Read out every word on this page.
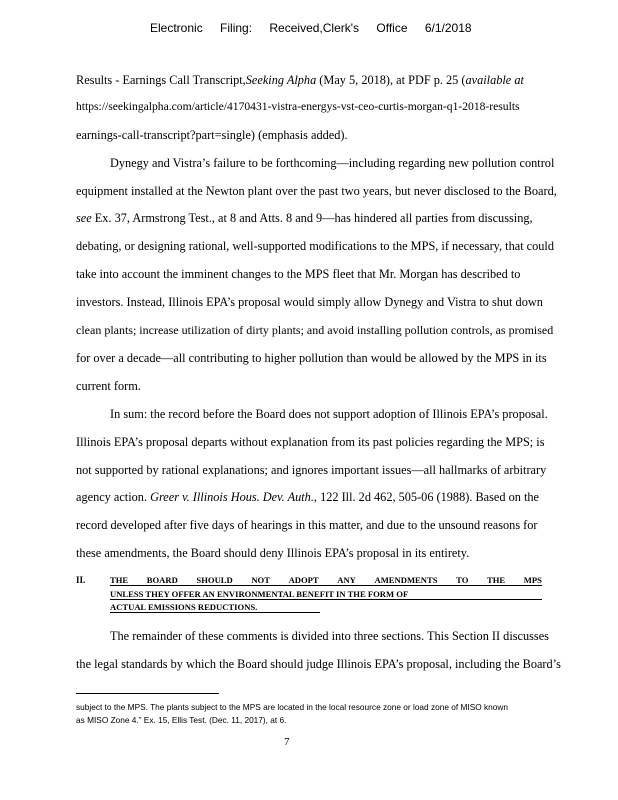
Electronic Filing: Received,Clerk's Office 6/1/2018
Results - Earnings Call Transcript,Seeking Alpha (May 5, 2018), at PDF p. 25 (available at
https://seekingalpha.com/article/4170431-vistra-energys-vst-ceo-curtis-morgan-q1-2018-results
earnings-call-transcript?part=single) (emphasis added).
Dynegy and Vistra’s failure to be forthcoming—including regarding new pollution control
equipment installed at the Newton plant over the past two years, but never disclosed to the Board,
see Ex. 37, Armstrong Test., at 8 and Atts. 8 and 9—has hindered all parties from discussing,
debating, or designing rational, well-supported modifications to the MPS, if necessary, that could
take into account the imminent changes to the MPS fleet that Mr. Morgan has described to
investors. Instead, Illinois EPA’s proposal would simply allow Dynegy and Vistra to shut down
clean plants; increase utilization of dirty plants; and avoid installing pollution controls, as promised
for over a decade—all contributing to higher pollution than would be allowed by the MPS in its
current form.
In sum: the record before the Board does not support adoption of Illinois EPA’s proposal.
Illinois EPA’s proposal departs without explanation from its past policies regarding the MPS; is
not supported by rational explanations; and ignores important issues—all hallmarks of arbitrary
agency action. Greer v. Illinois Hous. Dev. Auth., 122 Ill. 2d 462, 505-06 (1988). Based on the
record developed after five days of hearings in this matter, and due to the unsound reasons for
these amendments, the Board should deny Illinois EPA’s proposal in its entirety.
II.	THE BOARD SHOULD NOT ADOPT ANY AMENDMENTS TO THE MPS
UNLESS THEY OFFER AN ENVIRONMENTAL BENEFIT IN THE FORM OF
ACTUAL EMISSIONS REDUCTIONS.
The remainder of these comments is divided into three sections. This Section II discusses
the legal standards by which the Board should judge Illinois EPA’s proposal, including the Board’s
subject to the MPS. The plants subject to the MPS are located in the local resource zone or load zone of MISO known
as MISO Zone 4.” Ex. 15, Ellis Test. (Dec. 11, 2017), at 6.
7
